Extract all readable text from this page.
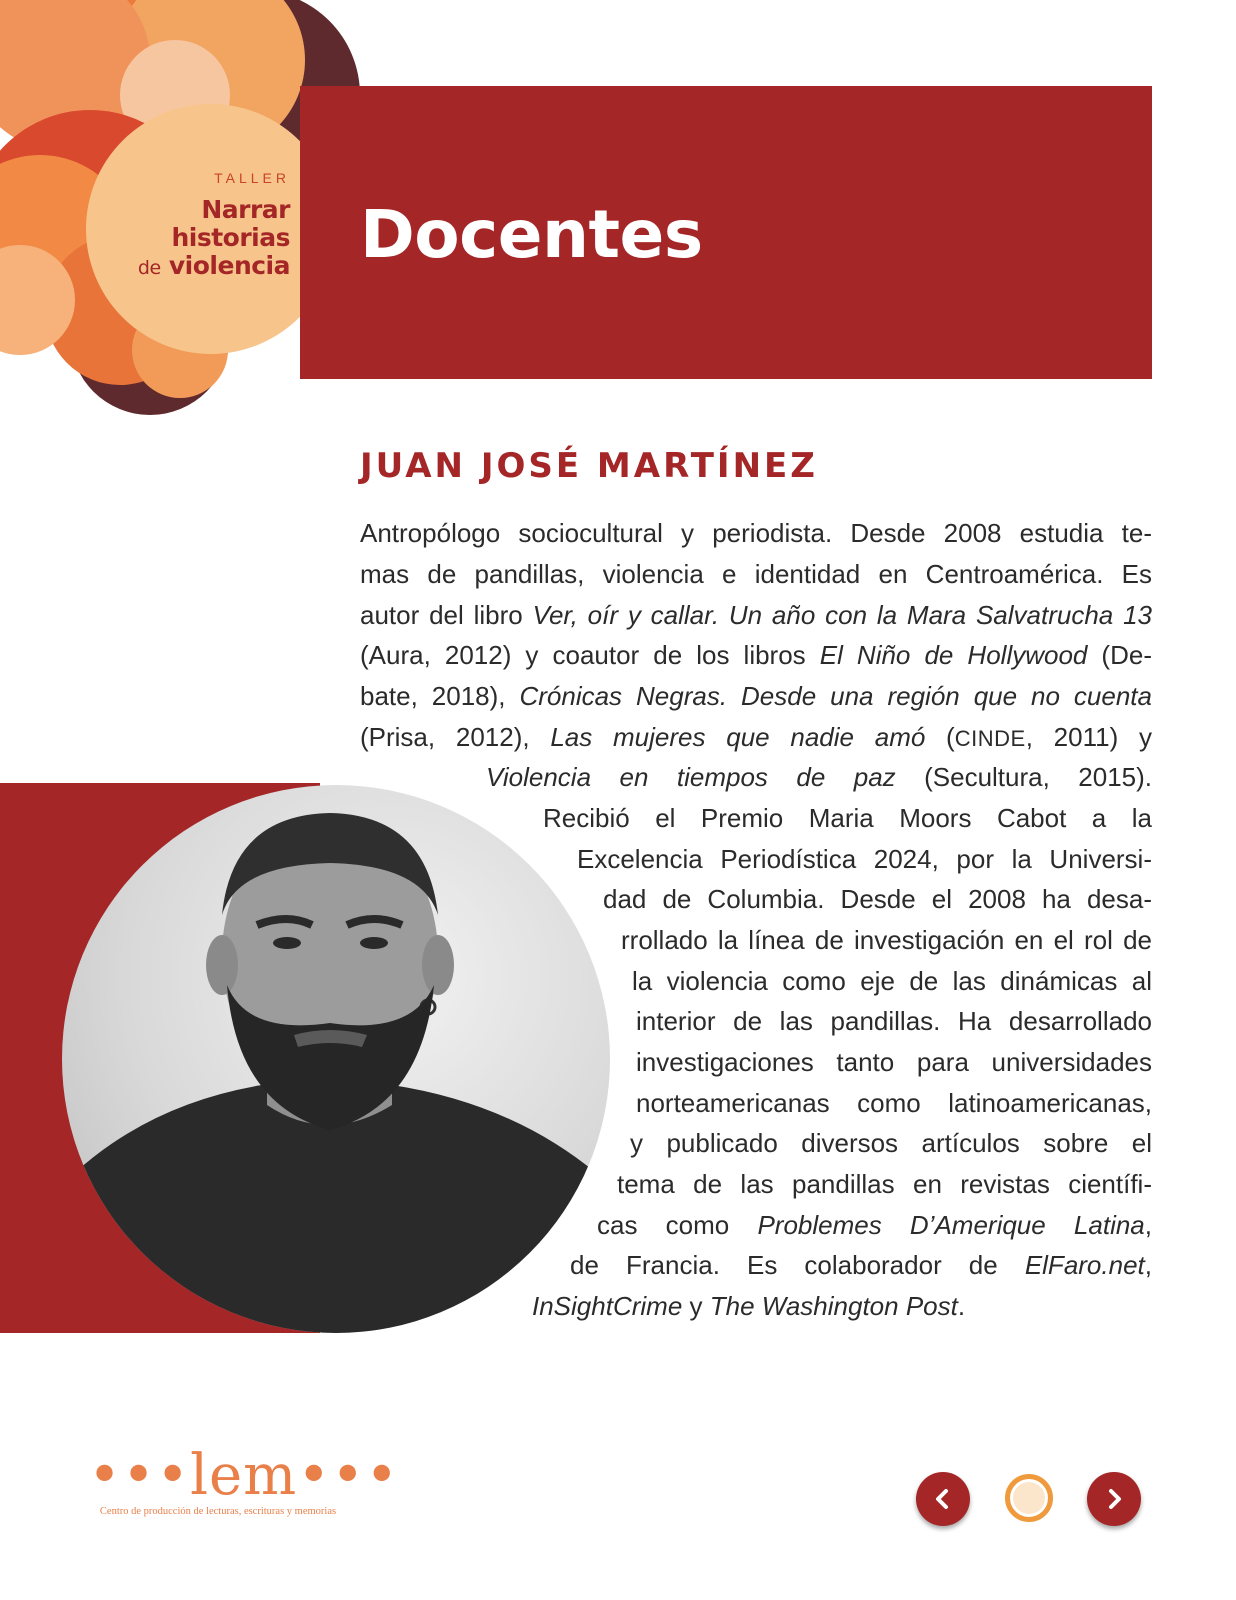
TALLER
Narrar
historias
de violencia Docentes
JUAN JOSÉ MARTÍNEZ
Antropólogo sociocultural y periodista. Desde 2008 estudia te-
mas de pandillas, violencia e identidad en Centroamérica. Es
autor del libro Ver, oír y callar. Un año con la Mara Salvatrucha 13
(Aura, 2012) y coautor de los libros El Niño de Hollywood (De-
bate, 2018), Crónicas Negras. Desde una región que no cuenta
(Prisa, 2012), Las mujeres que nadie amó (CINDE, 2011) y
Violencia en tiempos de paz (Secultura, 2015).
Recibió el Premio Maria Moors Cabot a la
Excelencia Periodística 2024, por la Universi-
dad de Columbia. Desde el 2008 ha desa-
rrollado la línea de investigación en el rol de
la violencia como eje de las dinámicas al
interior de las pandillas. Ha desarrollado
investigaciones tanto para universidades
norteamericanas como latinoamericanas,
y publicado diversos artículos sobre el
tema de las pandillas en revistas científi-
cas como Problemes D’Amerique Latina,
de Francia. Es colaborador de ElFaro.net,
InSightCrime y The Washington Post.
•••lem•••
Centro de producción de lecturas, escrituras y memorias
